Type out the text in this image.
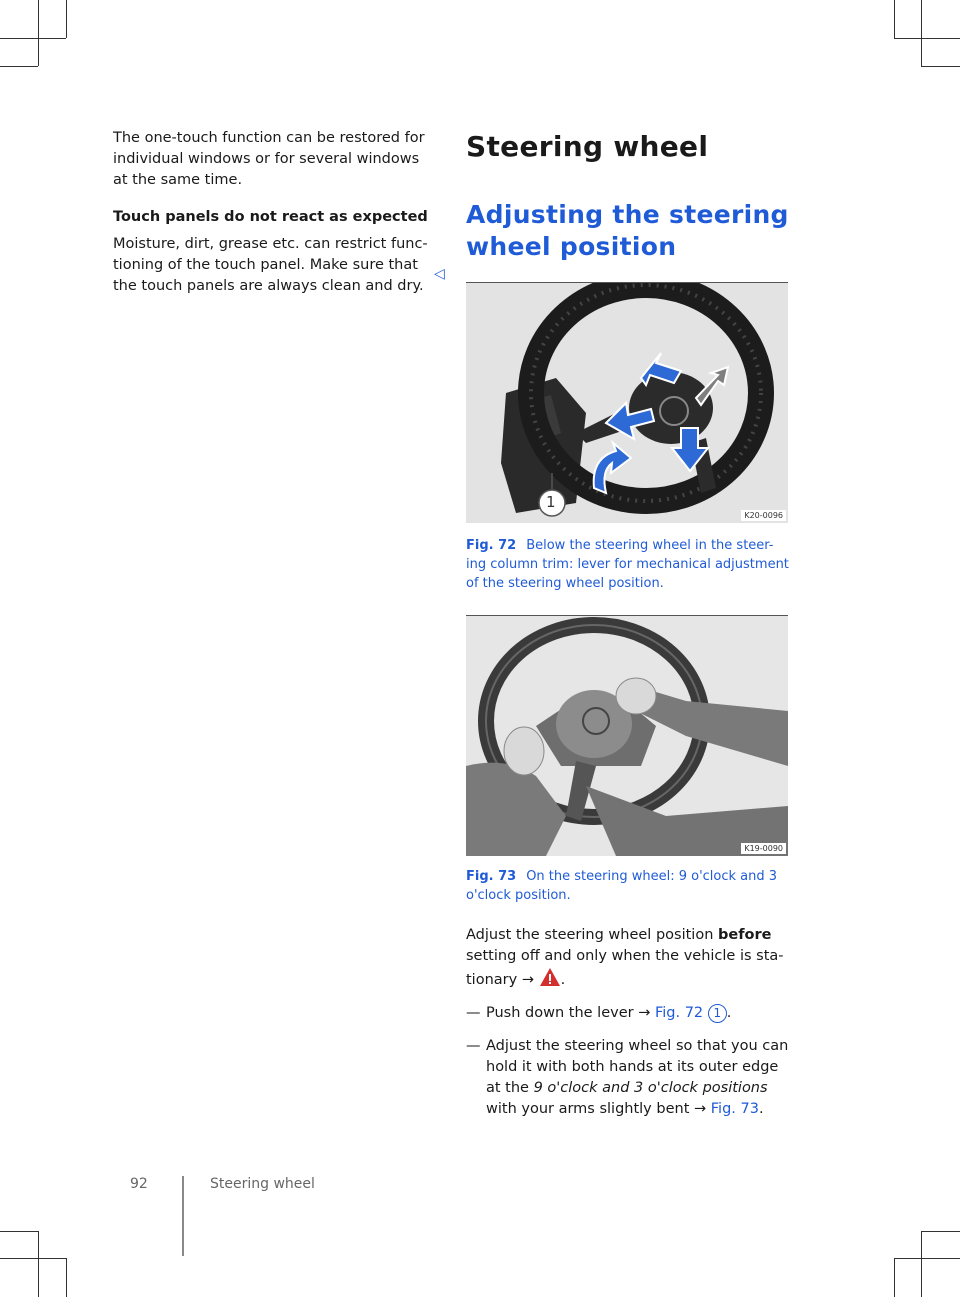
The one-touch function can be restored for individual windows or for several windows at the same time.

Touch panels do not react as expected

Moisture, dirt, grease etc. can restrict func-tioning of the touch panel. Make sure that the touch panels are always clean and dry.

◁
Steering wheel
Adjusting the steering wheel position
1
K20-0096
Fig. 72 Below the steering wheel in the steer-ing column trim: lever for mechanical adjustment of the steering wheel position.
K19-0090
Fig. 73 On the steering wheel: 9 o'clock and 3 o'clock position.

Adjust the steering wheel position before setting off and only when the vehicle is sta-tionary → .

— Push down the lever → Fig. 72 1 .
— Adjust the steering wheel so that you can hold it with both hands at its outer edge at the 9 o'clock and 3 o'clock positions with your arms slightly bent → Fig. 73.
92	Steering wheel
